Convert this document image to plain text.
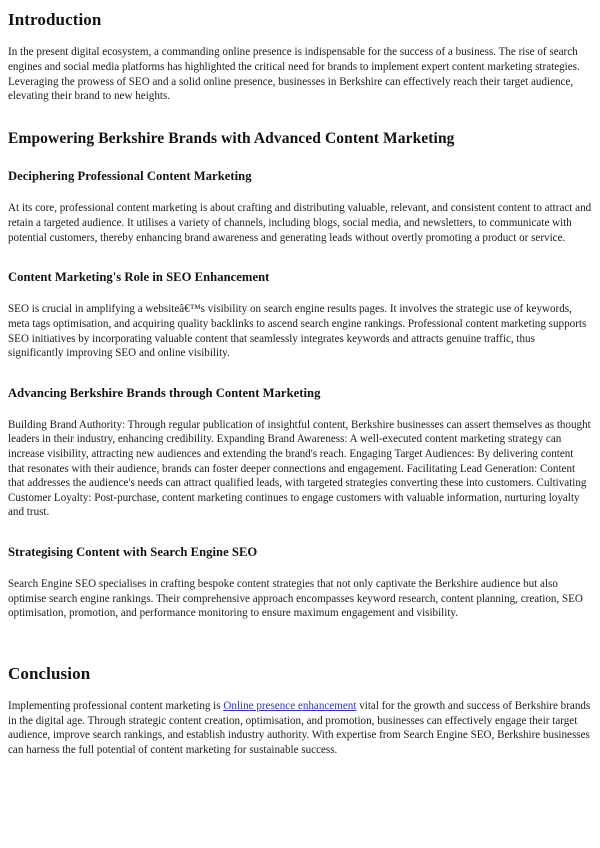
Introduction

In the present digital ecosystem, a commanding online presence is indispensable for the success of a business. The rise of search engines and social media platforms has highlighted the critical need for brands to implement expert content marketing strategies. Leveraging the prowess of SEO and a solid online presence, businesses in Berkshire can effectively reach their target audience, elevating their brand to new heights.

Empowering Berkshire Brands with Advanced Content Marketing
Deciphering Professional Content Marketing

At its core, professional content marketing is about crafting and distributing valuable, relevant, and consistent content to attract and retain a targeted audience. It utilises a variety of channels, including blogs, social media, and newsletters, to communicate with potential customers, thereby enhancing brand awareness and generating leads without overtly promoting a product or service.

Content Marketing's Role in SEO Enhancement

SEO is crucial in amplifying a websiteâ€™s visibility on search engine results pages. It involves the strategic use of keywords, meta tags optimisation, and acquiring quality backlinks to ascend search engine rankings. Professional content marketing supports SEO initiatives by incorporating valuable content that seamlessly integrates keywords and attracts genuine traffic, thus significantly improving SEO and online visibility.

Advancing Berkshire Brands through Content Marketing

Building Brand Authority: Through regular publication of insightful content, Berkshire businesses can assert themselves as thought leaders in their industry, enhancing credibility. Expanding Brand Awareness: A well-executed content marketing strategy can increase visibility, attracting new audiences and extending the brand's reach. Engaging Target Audiences: By delivering content that resonates with their audience, brands can foster deeper connections and engagement. Facilitating Lead Generation: Content that addresses the audience's needs can attract qualified leads, with targeted strategies converting these into customers. Cultivating Customer Loyalty: Post-purchase, content marketing continues to engage customers with valuable information, nurturing loyalty and trust.

Strategising Content with Search Engine SEO

Search Engine SEO specialises in crafting bespoke content strategies that not only captivate the Berkshire audience but also optimise search engine rankings. Their comprehensive approach encompasses keyword research, content planning, creation, SEO optimisation, promotion, and performance monitoring to ensure maximum engagement and visibility.

Conclusion

Implementing professional content marketing is Online presence enhancement vital for the growth and success of Berkshire brands in the digital age. Through strategic content creation, optimisation, and promotion, businesses can effectively engage their target audience, improve search rankings, and establish industry authority. With expertise from Search Engine SEO, Berkshire businesses can harness the full potential of content marketing for sustainable success.
